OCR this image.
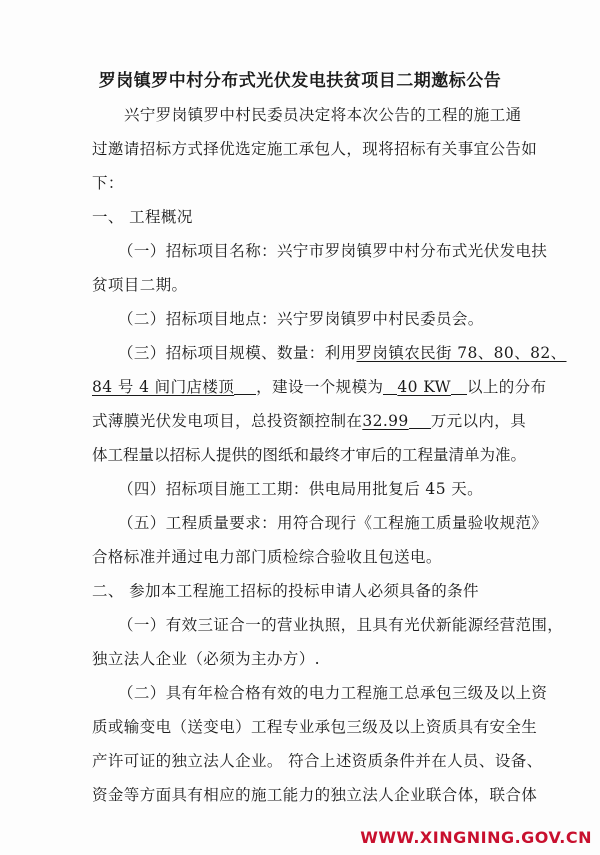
罗岗镇罗中村分布式光伏发电扶贫项目二期邀标公告
兴宁罗岗镇罗中村民委员决定将本次公告的工程的施工通
过邀请招标方式择优选定施工承包人，现将招标有关事宜公告如
下：
一、 工程概况
（一）招标项目名称：兴宁市罗岗镇罗中村分布式光伏发电扶
贫项目二期。
（二）招标项目地点：兴宁罗岗镇罗中村民委员会。
（三）招标项目规模、数量：利用罗岗镇农民街 78、80、82、
84 号 4 间门店楼顶 ，建设一个规模为 40 KW 以上的分布
式薄膜光伏发电项目，总投资额控制在32.99 万元以内，具
体工程量以招标人提供的图纸和最终才审后的工程量清单为准。
（四）招标项目施工工期：供电局用批复后 45 天。
（五）工程质量要求：用符合现行《工程施工质量验收规范》
合格标准并通过电力部门质检综合验收且包送电。
二、 参加本工程施工招标的投标申请人必须具备的条件
（一）有效三证合一的营业执照，且具有光伏新能源经营范围，
独立法人企业（必须为主办方）.
（二）具有年检合格有效的电力工程施工总承包三级及以上资
质或输变电（送变电）工程专业承包三级及以上资质具有安全生
产许可证的独立法人企业。 符合上述资质条件并在人员、设备、
资金等方面具有相应的施工能力的独立法人企业联合体，联合体
WWW.XINGNING.GOV.CN
